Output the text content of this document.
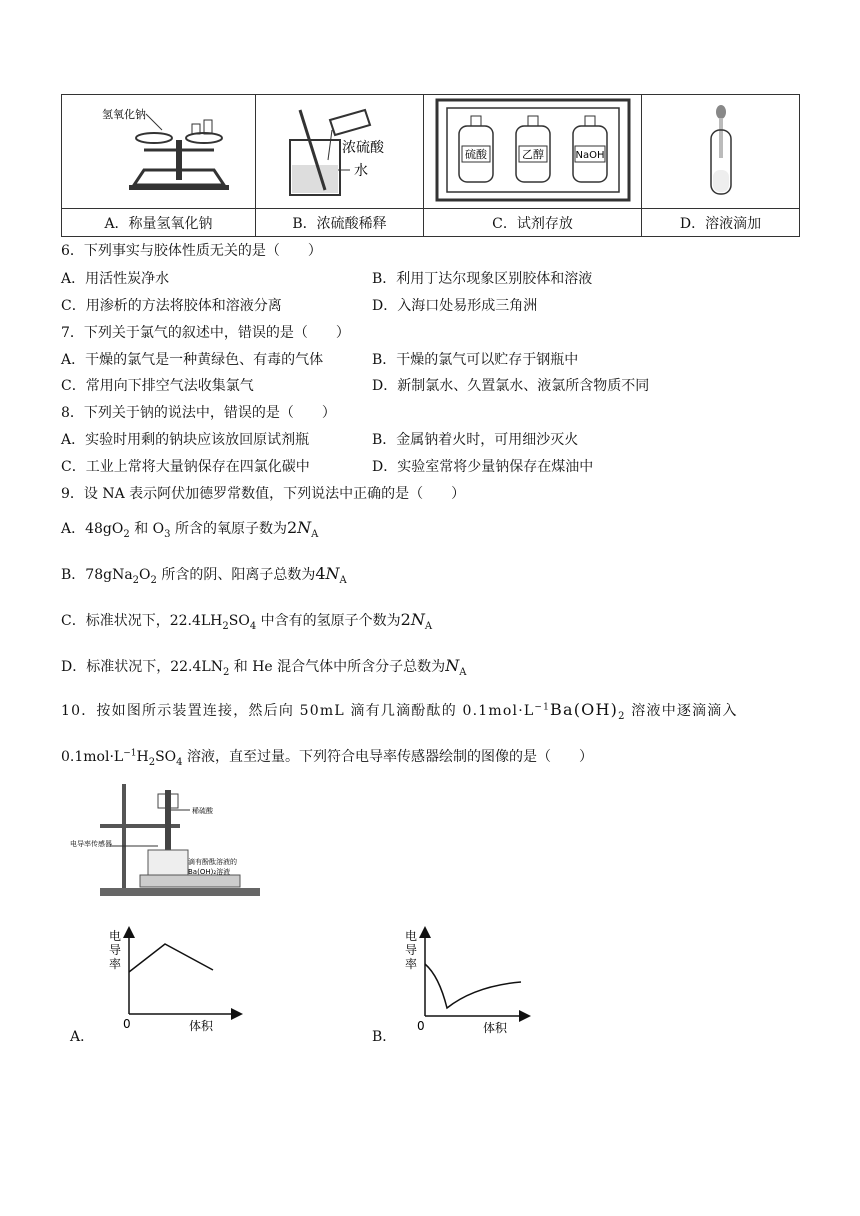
氢氧化钠	浓硫酸
水	硫酸 乙醇 NaOH

A．称量氢氧化钠	B．浓硫酸稀释	C．试剂存放	D．溶液滴加
6．下列事实与胶体性质无关的是（　　）
A．用活性炭净水	B．利用丁达尔现象区别胶体和溶液
C．用渗析的方法将胶体和溶液分离	D．入海口处易形成三角洲
7．下列关于氯气的叙述中，错误的是（　　）
A．干燥的氯气是一种黄绿色、有毒的气体	B．干燥的氯气可以贮存于钢瓶中
C．常用向下排空气法收集氯气	D．新制氯水、久置氯水、液氯所含物质不同
8．下列关于钠的说法中，错误的是（　　）
A．实验时用剩的钠块应该放回原试剂瓶	B．金属钠着火时，可用细沙灭火
C．工业上常将大量钠保存在四氯化碳中	D．实验室常将少量钠保存在煤油中
9．设 NA 表示阿伏加德罗常数值，下列说法中正确的是（　　）
A．$48gO_2$ 和 $O_3$ 所含的氧原子数为$2N_A$
B．$78gNa_2O_2$ 所含的阴、阳离子总数为$4N_A$
C．标准状况下，$22.4LH_2SO_4$ 中含有的氢原子个数为$2N_A$
D．标准状况下，$22.4LN_2$ 和 He 混合气体中所含分子总数为$N_A$
10．按如图所示装置连接，然后向 50mL 滴有几滴酚酞的 $0.1mol\cdot L^{-1}Ba(OH)_2$ 溶液中逐滴滴入
$0.1mol\cdot L^{-1}H_2SO_4$ 溶液，直至过量。下列符合电导率传感器绘制的图像的是（　　）
稀硫酸
电导率传感器
滴有酚酞溶液的
Ba(OH)₂溶液
电
导
率
0	体积
A．
电
导
率
0	体积
B．
